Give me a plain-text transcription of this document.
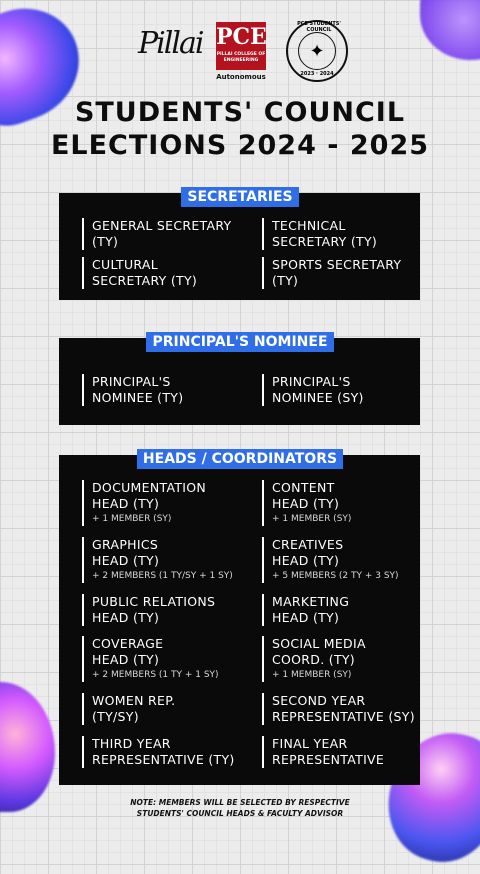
Pillai PCE
PILLAI COLLEGE OF ENGINEERING
Autonomous
PCE STUDENTS' COUNCIL
✦
2023 · 2024
STUDENTS' COUNCIL
ELECTIONS 2024 - 2025
SECRETARIES
GENERAL SECRETARY (TY)
TECHNICAL SECRETARY (TY)
CULTURAL SECRETARY (TY)
SPORTS SECRETARY (TY)
PRINCIPAL'S NOMINEE
PRINCIPAL'S NOMINEE (TY)
PRINCIPAL'S NOMINEE (SY)
HEADS / COORDINATORS
DOCUMENTATION HEAD (TY)
+ 1 MEMBER (SY)
CONTENT HEAD (TY)
+ 1 MEMBER (SY)
GRAPHICS HEAD (TY)
+ 2 MEMBERS (1 TY/SY + 1 SY)
CREATIVES HEAD (TY)
+ 5 MEMBERS (2 TY + 3 SY)
PUBLIC RELATIONS HEAD (TY)
MARKETING HEAD (TY)
COVERAGE HEAD (TY)
+ 2 MEMBERS (1 TY + 1 SY)
SOCIAL MEDIA COORD. (TY)
+ 1 MEMBER (SY)
WOMEN REP. (TY/SY)
SECOND YEAR REPRESENTATIVE (SY)
THIRD YEAR REPRESENTATIVE (TY)
FINAL YEAR REPRESENTATIVE
NOTE: MEMBERS WILL BE SELECTED BY RESPECTIVE
STUDENTS' COUNCIL HEADS & FACULTY ADVISOR
